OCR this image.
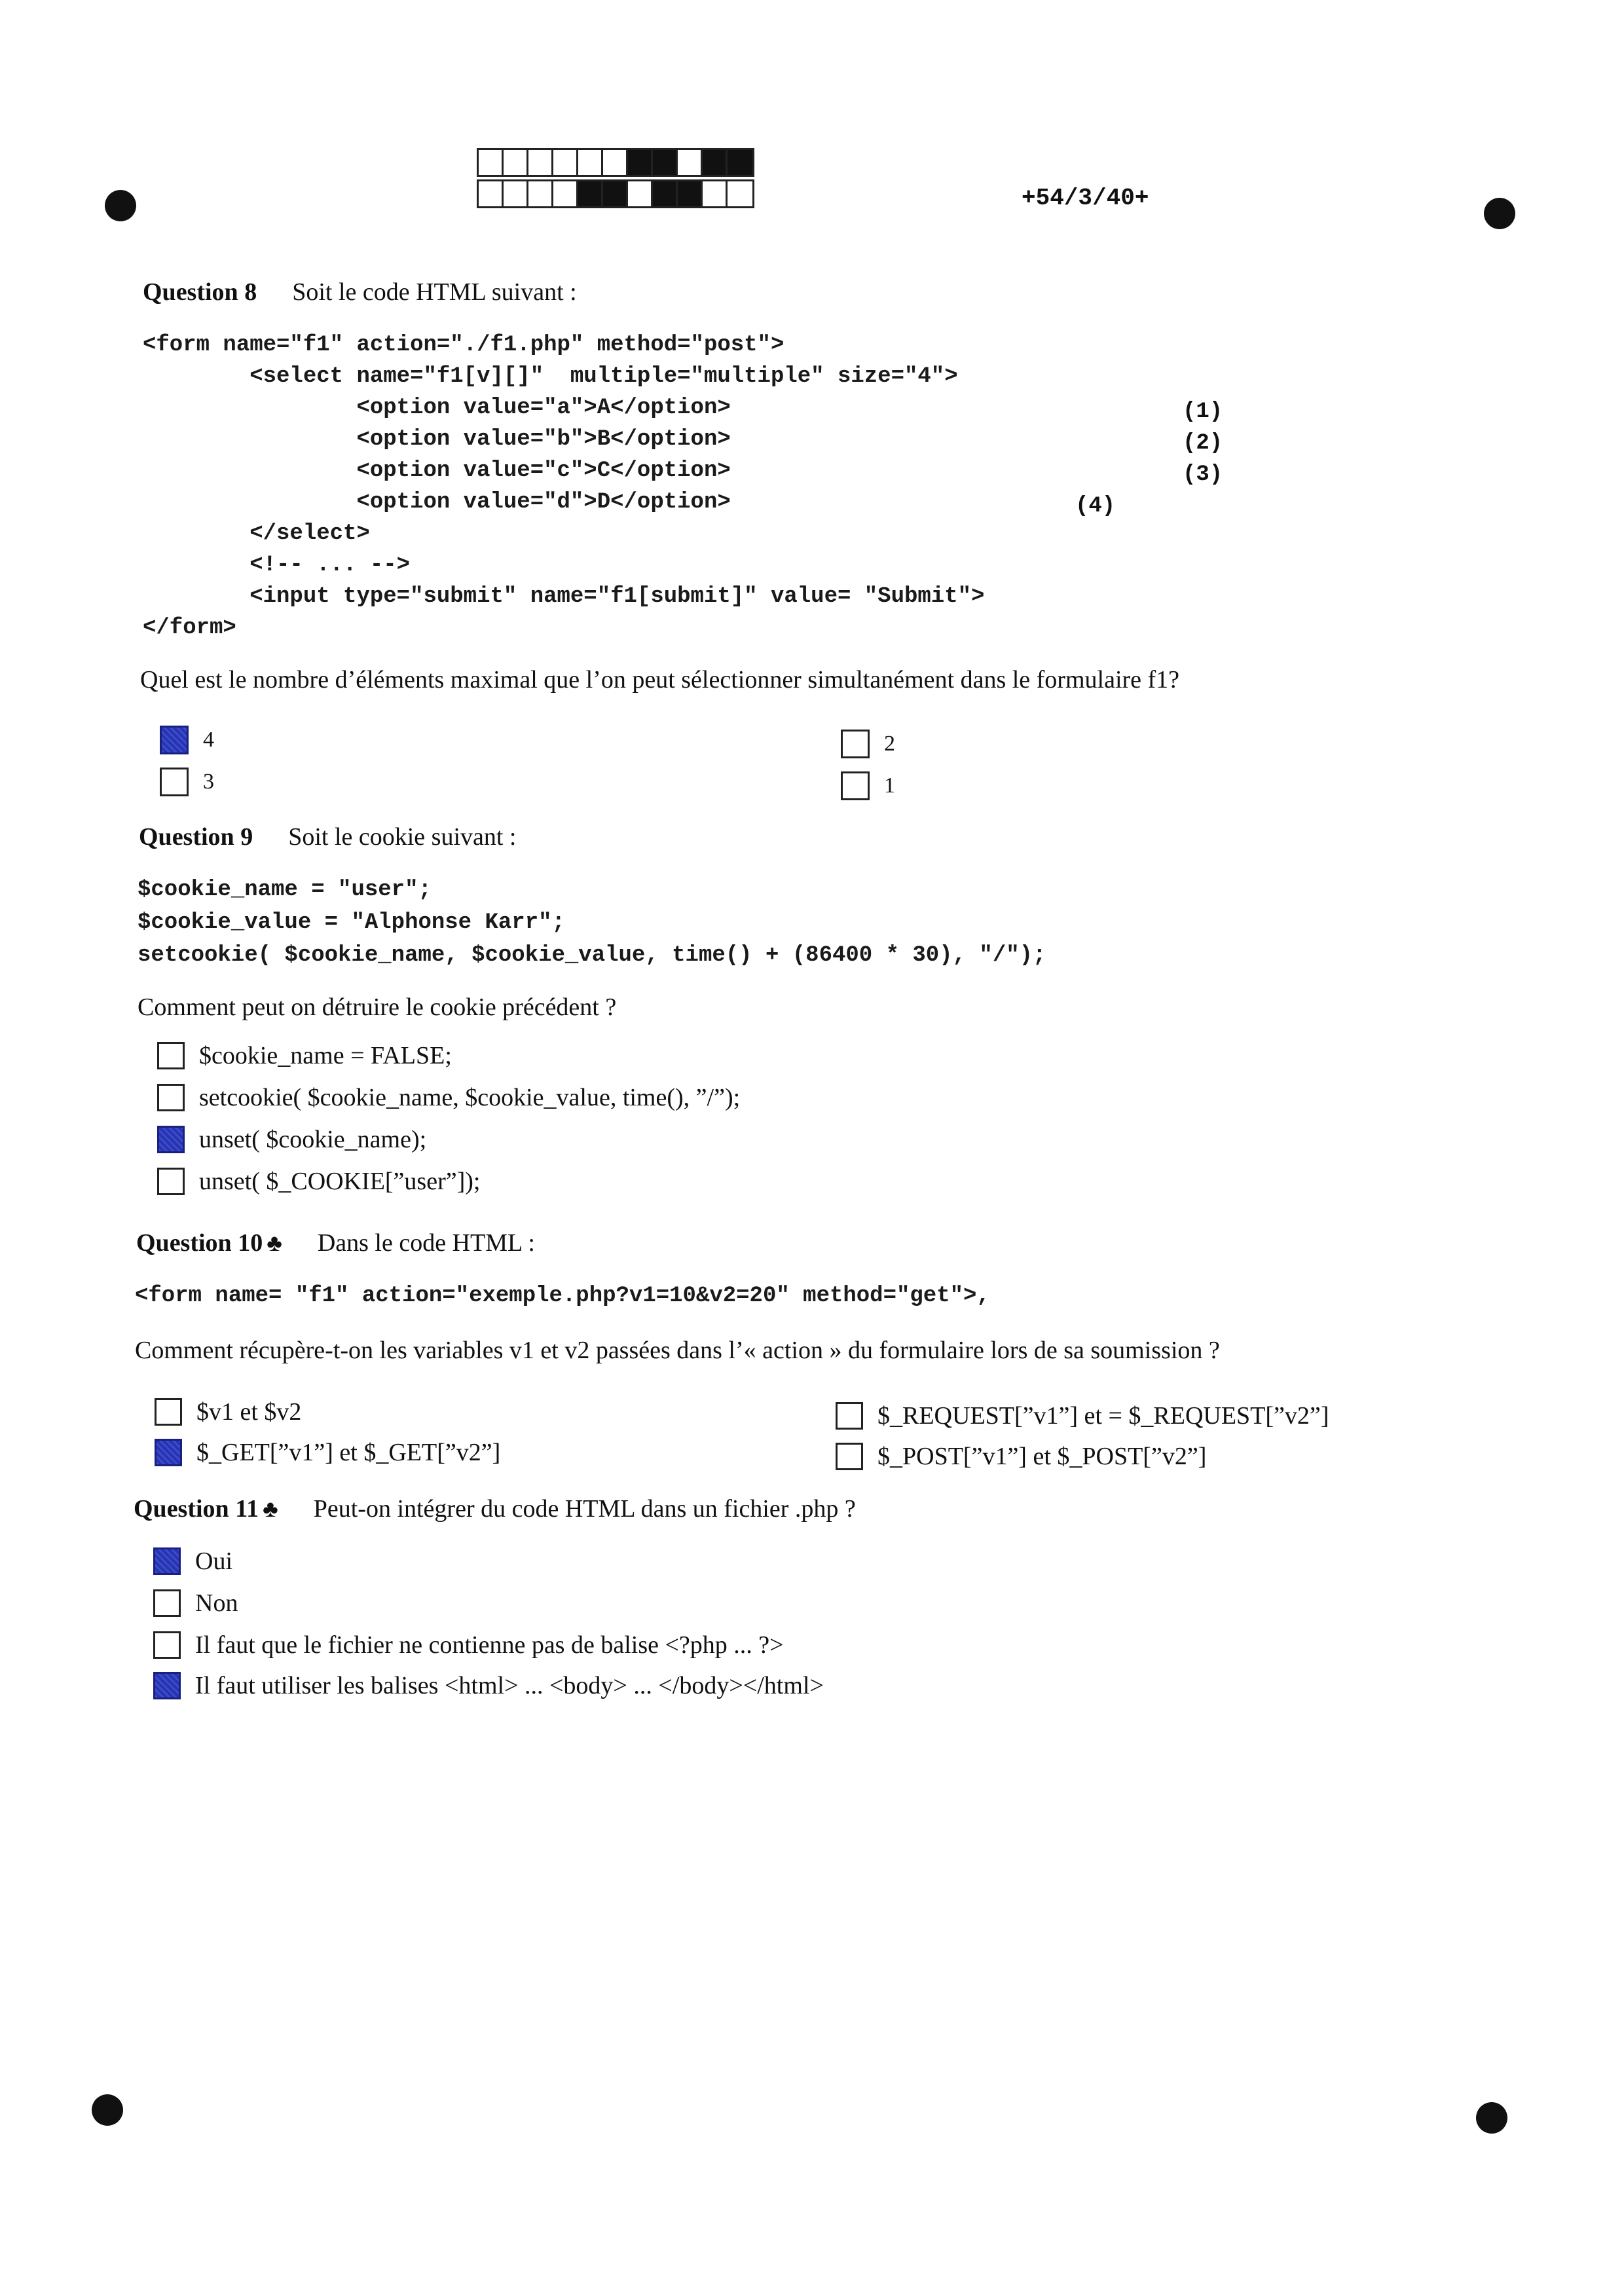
+54/3/40+
Question 8 Soit le code HTML suivant :
<form name="f1" action="./f1.php" method="post">
<select name="f1[v][]"  multiple="multiple" size="4">
<option value="a">A</option>
<option value="b">B</option>
<option value="c">C</option>
<option value="d">D</option>
</select>
<!-- ... -->
<input type="submit" name="f1[submit]" value= "Submit">
</form>
(1)
(2)
(3)
(4)
Quel est le nombre d’éléments maximal que l’on peut sélectionner simultanément dans le formulaire f1?
4
3
2
1
Question 9 Soit le cookie suivant :
$cookie_name = "user";
$cookie_value = "Alphonse Karr";
setcookie( $cookie_name, $cookie_value, time() + (86400 * 30), "/");
Comment peut on détruire le cookie précédent ?
$cookie_name = FALSE;
setcookie( $cookie_name, $cookie_value, time(), ”/”);
unset( $cookie_name);
unset( $_COOKIE[”user”]);
Question 10 ♣ Dans le code HTML :
<form name= "f1" action="exemple.php?v1=10&v2=20" method="get">,
Comment récupère-t-on les variables v1 et v2 passées dans l’« action » du formulaire lors de sa soumission ?
$v1 et $v2
$_GET[”v1”] et $_GET[”v2”]
$_REQUEST[”v1”] et = $_REQUEST[”v2”]
$_POST[”v1”] et $_POST[”v2”]
Question 11 ♣ Peut-on intégrer du code HTML dans un fichier .php ?
Oui
Non
Il faut que le fichier ne contienne pas de balise <?php ... ?>
Il faut utiliser les balises <html> ... <body> ... </body></html>
